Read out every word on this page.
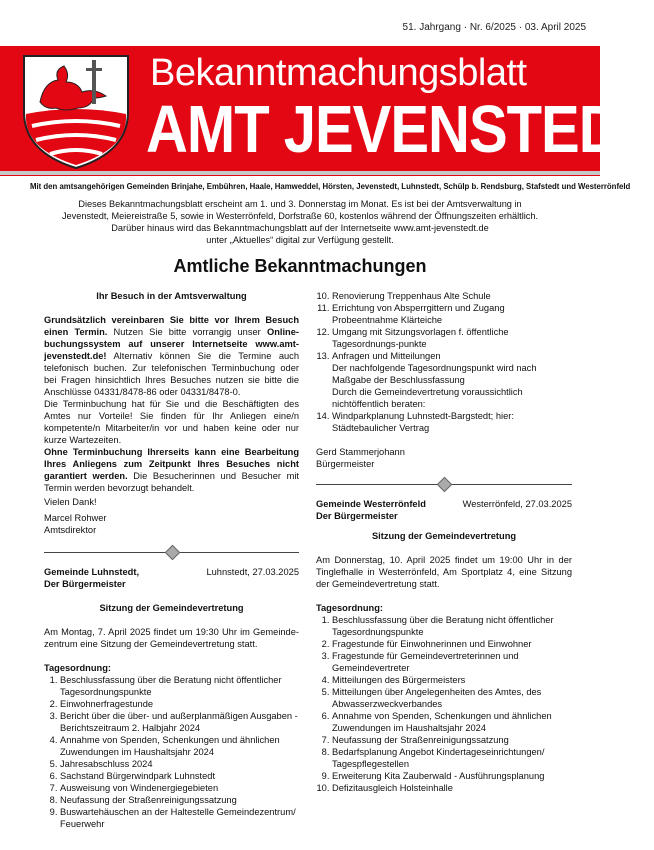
51. Jahrgang · Nr. 6/2025 · 03. April 2025
Bekanntmachungsblatt
AMT JEVENSTEDT
Mit den amtsangehörigen Gemeinden Brinjahe, Embühren, Haale, Hamweddel, Hörsten, Jevenstedt, Luhnstedt, Schülp b. Rendsburg, Stafstedt und Westerrönfeld
Dieses Bekanntmachungsblatt erscheint am 1. und 3. Donnerstag im Monat. Es ist bei der Amtsverwaltung in
Jevenstedt, Meiereistraße 5, sowie in Westerrönfeld, Dorfstraße 60, kostenlos während der Öffnungszeiten erhältlich.
Darüber hinaus wird das Bekanntmachungsblatt auf der Internetseite www.amt-jevenstedt.de
unter „Aktuelles“ digital zur Verfügung gestellt.
Amtliche Bekanntmachungen

Ihr Besuch in der Amtsverwaltung

Grundsätzlich vereinbaren Sie bitte vor Ihrem Besuch einen Termin. Nutzen Sie bitte vorrangig unser Online-buchungssystem auf unserer Internetseite www.amt-jevenstedt.de! Alternativ können Sie die Termine auch telefonisch buchen. Zur telefonischen Terminbuchung oder bei Fragen hinsichtlich Ihres Besuches nutzen sie bitte die Anschlüsse 04331/8478-86 oder 04331/8478-0.

Die Terminbuchung hat für Sie und die Beschäftigten des Amtes nur Vorteile! Sie finden für Ihr Anliegen eine/n kompetente/n Mitarbeiter/in vor und haben keine oder nur kurze Wartezeiten.

Ohne Terminbuchung Ihrerseits kann eine Bearbeitung Ihres Anliegens zum Zeitpunkt Ihres Besuches nicht garantiert werden. Die Besucherinnen und Besucher mit Termin werden bevorzugt behandelt.

Vielen Dank!

Marcel Rohwer

Amtsdirektor

Gemeinde Luhnstedt,	Luhnstedt, 27.03.2025

Der Bürgermeister

Sitzung der Gemeindevertretung

Am Montag, 7. April 2025 findet um 19:30 Uhr im Gemeinde-zentrum eine Sitzung der Gemeindevertretung statt.

Tagesordnung:

1. Beschlussfassung über die Beratung nicht öffentlicher Tagesordnungspunkte
2. Einwohnerfragestunde
3. Bericht über die über- und außerplanmäßigen Ausgaben - Berichtszeitraum 2. Halbjahr 2024
4. Annahme von Spenden, Schenkungen und ähnlichen Zuwendungen im Haushaltsjahr 2024
5. Jahresabschluss 2024
6. Sachstand Bürgerwindpark Luhnstedt
7. Ausweisung von Windenergiegebieten
8. Neufassung der Straßenreinigungssatzung
9. Buswartehäuschen an der Haltestelle Gemeindezentrum/ Feuerwehr
10. Renovierung Treppenhaus Alte Schule
11. Errichtung von Absperrgittern und Zugang Probeentnahme Klärteiche
12. Umgang mit Sitzungsvorlagen f. öffentliche Tagesordnungs-punkte
13. Anfragen und Mitteilungen
Der nachfolgende Tagesordnungspunkt wird nach
Maßgabe der Beschlussfassung
Durch die Gemeindevertretung voraussichtlich
nichtöffentlich beraten:
14. Windparkplanung Luhnstedt-Bargstedt; hier: Städtebaulicher Vertrag

Gerd Stammerjohann

Bürgermeister

Gemeinde Westerrönfeld	Westerrönfeld, 27.03.2025

Der Bürgermeister

Sitzung der Gemeindevertretung

Am Donnerstag, 10. April 2025 findet um 19:00 Uhr in der Tinglefhalle in Westerrönfeld, Am Sportplatz 4, eine Sitzung der Gemeindevertretung statt.

Tagesordnung:

1. Beschlussfassung über die Beratung nicht öffentlicher Tagesordnungspunkte
2. Fragestunde für Einwohnerinnen und Einwohner
3. Fragestunde für Gemeindevertreterinnen und Gemeindevertreter
4. Mitteilungen des Bürgermeisters
5. Mitteilungen über Angelegenheiten des Amtes, des Abwasserzweckverbandes
6. Annahme von Spenden, Schenkungen und ähnlichen Zuwendungen im Haushaltsjahr 2024
7. Neufassung der Straßenreinigungssatzung
8. Bedarfsplanung Angebot Kindertageseinrichtungen/ Tagespflegestellen
9. Erweiterung Kita Zauberwald - Ausführungsplanung
10. Defizitausgleich Holsteinhalle
